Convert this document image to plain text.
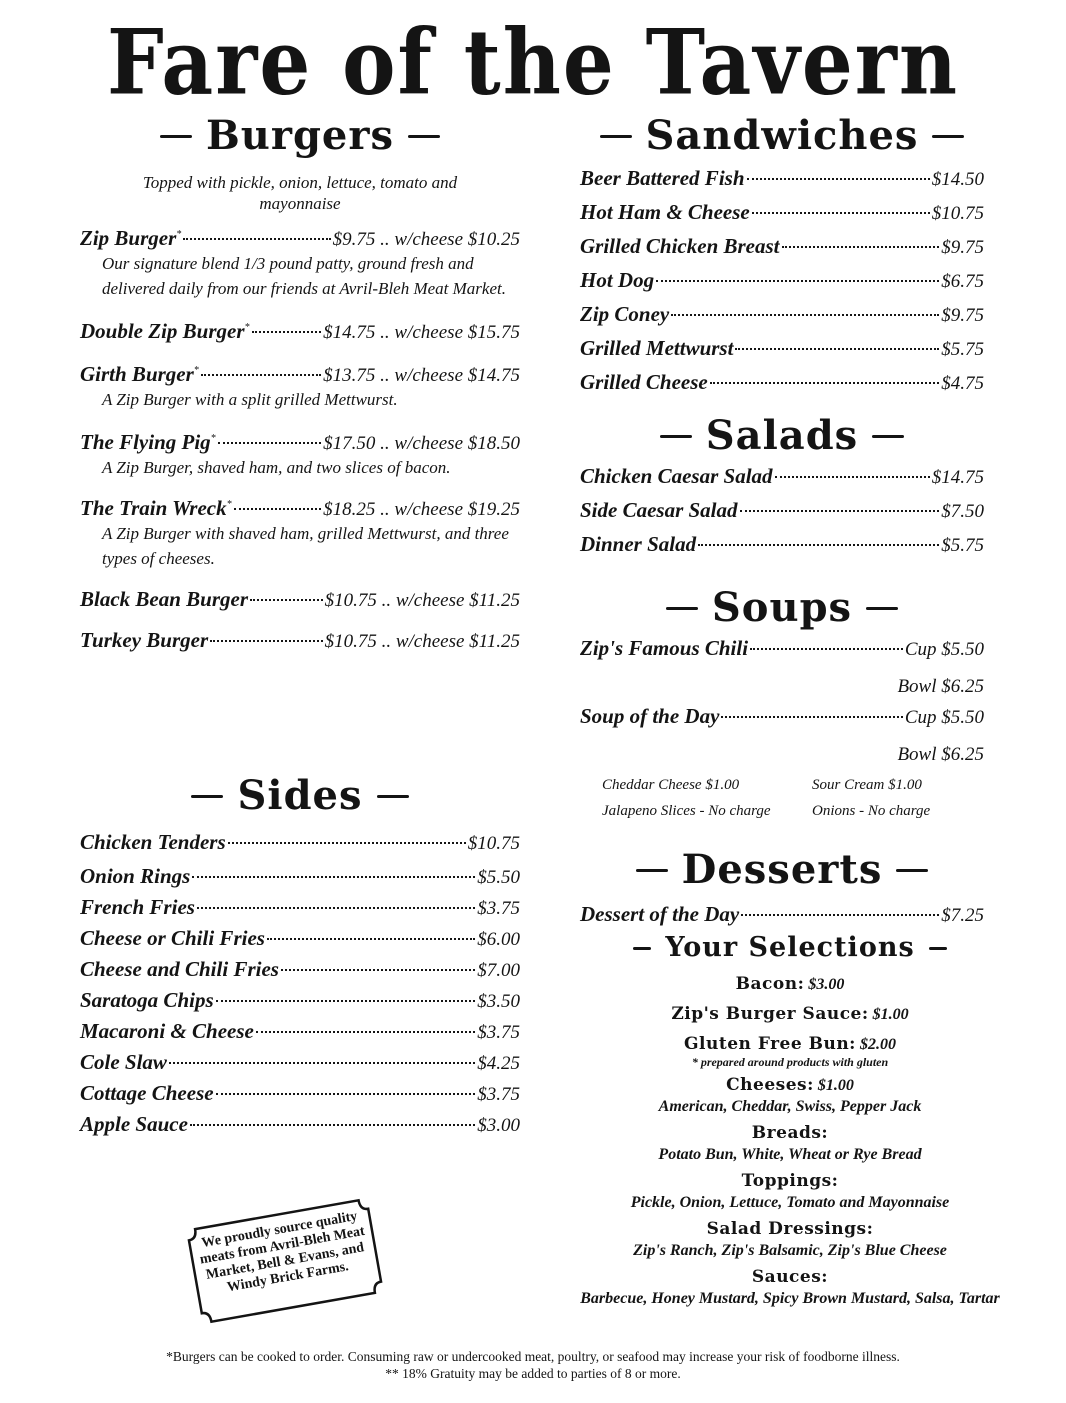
Fare of the Tavern
Burgers
Topped with pickle, onion, lettuce, tomato and mayonnaise
Zip Burger*	$9.75 .. w/cheese $10.25
Our signature blend 1/3 pound patty, ground fresh and delivered daily from our friends at Avril-Bleh Meat Market.
Double Zip Burger*	$14.75 .. w/cheese $15.75
Girth Burger*	$13.75 .. w/cheese $14.75
A Zip Burger with a split grilled Mettwurst.
The Flying Pig*	$17.50 .. w/cheese $18.50
A Zip Burger, shaved ham, and two slices of bacon.
The Train Wreck*	$18.25 .. w/cheese $19.25
A Zip Burger with shaved ham, grilled Mettwurst, and three types of cheeses.
Black Bean Burger	$10.75 .. w/cheese $11.25
Turkey Burger	$10.75 .. w/cheese $11.25
Sides
Chicken Tenders	$10.75
Onion Rings	$5.50
French Fries	$3.75
Cheese or Chili Fries	$6.00
Cheese and Chili Fries	$7.00
Saratoga Chips	$3.50
Macaroni & Cheese	$3.75
Cole Slaw	$4.25
Cottage Cheese	$3.75
Apple Sauce	$3.00
We proudly source quality meats from Avril-Bleh Meat Market, Bell & Evans, and Windy Brick Farms.
Sandwiches
Beer Battered Fish	$14.50
Hot Ham & Cheese	$10.75
Grilled Chicken Breast	$9.75
Hot Dog	$6.75
Zip Coney	$9.75
Grilled Mettwurst	$5.75
Grilled Cheese	$4.75
Salads
Chicken Caesar Salad	$14.75
Side Caesar Salad	$7.50
Dinner Salad	$5.75
Soups
Zip's Famous Chili	Cup $5.50
Bowl $6.25
Soup of the Day	Cup $5.50
Bowl $6.25
Cheddar Cheese $1.00	Sour Cream $1.00
Jalapeno Slices - No charge	Onions - No charge
Desserts
Dessert of the Day	$7.25
Your Selections
Bacon: $3.00
Zip's Burger Sauce: $1.00
Gluten Free Bun: $2.00
* prepared around products with gluten
Cheeses: $1.00
American, Cheddar, Swiss, Pepper Jack
Breads:
Potato Bun, White, Wheat or Rye Bread
Toppings:
Pickle, Onion, Lettuce, Tomato and Mayonnaise
Salad Dressings:
Zip's Ranch, Zip's Balsamic, Zip's Blue Cheese
Sauces:
Barbecue, Honey Mustard, Spicy Brown Mustard, Salsa, Tartar
*Burgers can be cooked to order. Consuming raw or undercooked meat, poultry, or seafood may increase your risk of foodborne illness.
** 18% Gratuity may be added to parties of 8 or more.
